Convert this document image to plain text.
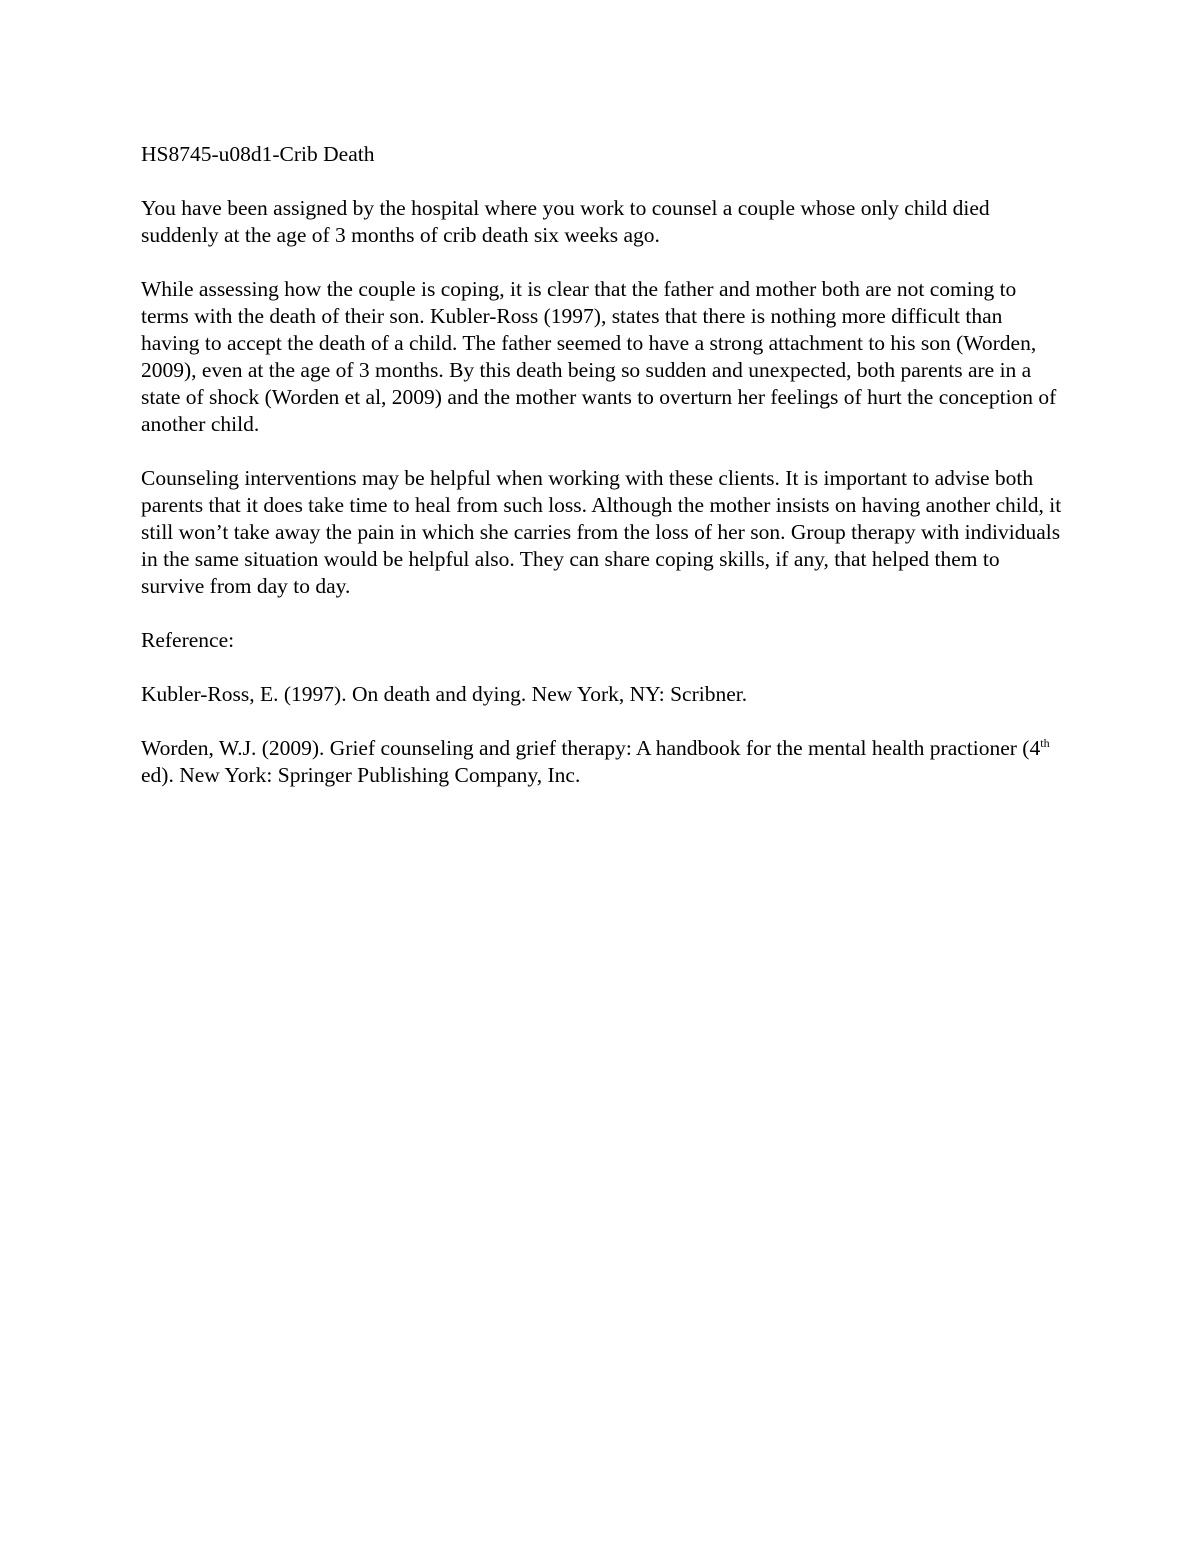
HS8745-u08d1-Crib Death

You have been assigned by the hospital where you work to counsel a couple whose only child died suddenly at the age of 3 months of crib death six weeks ago.

While assessing how the couple is coping, it is clear that the father and mother both are not coming to terms with the death of their son. Kubler-Ross (1997), states that there is nothing more difficult than having to accept the death of a child. The father seemed to have a strong attachment to his son (Worden, 2009), even at the age of 3 months. By this death being so sudden and unexpected, both parents are in a state of shock (Worden et al, 2009) and the mother wants to overturn her feelings of hurt the conception of another child.

Counseling interventions may be helpful when working with these clients. It is important to advise both parents that it does take time to heal from such loss. Although the mother insists on having another child, it still won’t take away the pain in which she carries from the loss of her son. Group therapy with individuals in the same situation would be helpful also. They can share coping skills, if any, that helped them to survive from day to day.

Reference:

Kubler-Ross, E. (1997). On death and dying. New York, NY: Scribner.

Worden, W.J. (2009). Grief counseling and grief therapy: A handbook for the mental health practioner (4th ed). New York: Springer Publishing Company, Inc.
